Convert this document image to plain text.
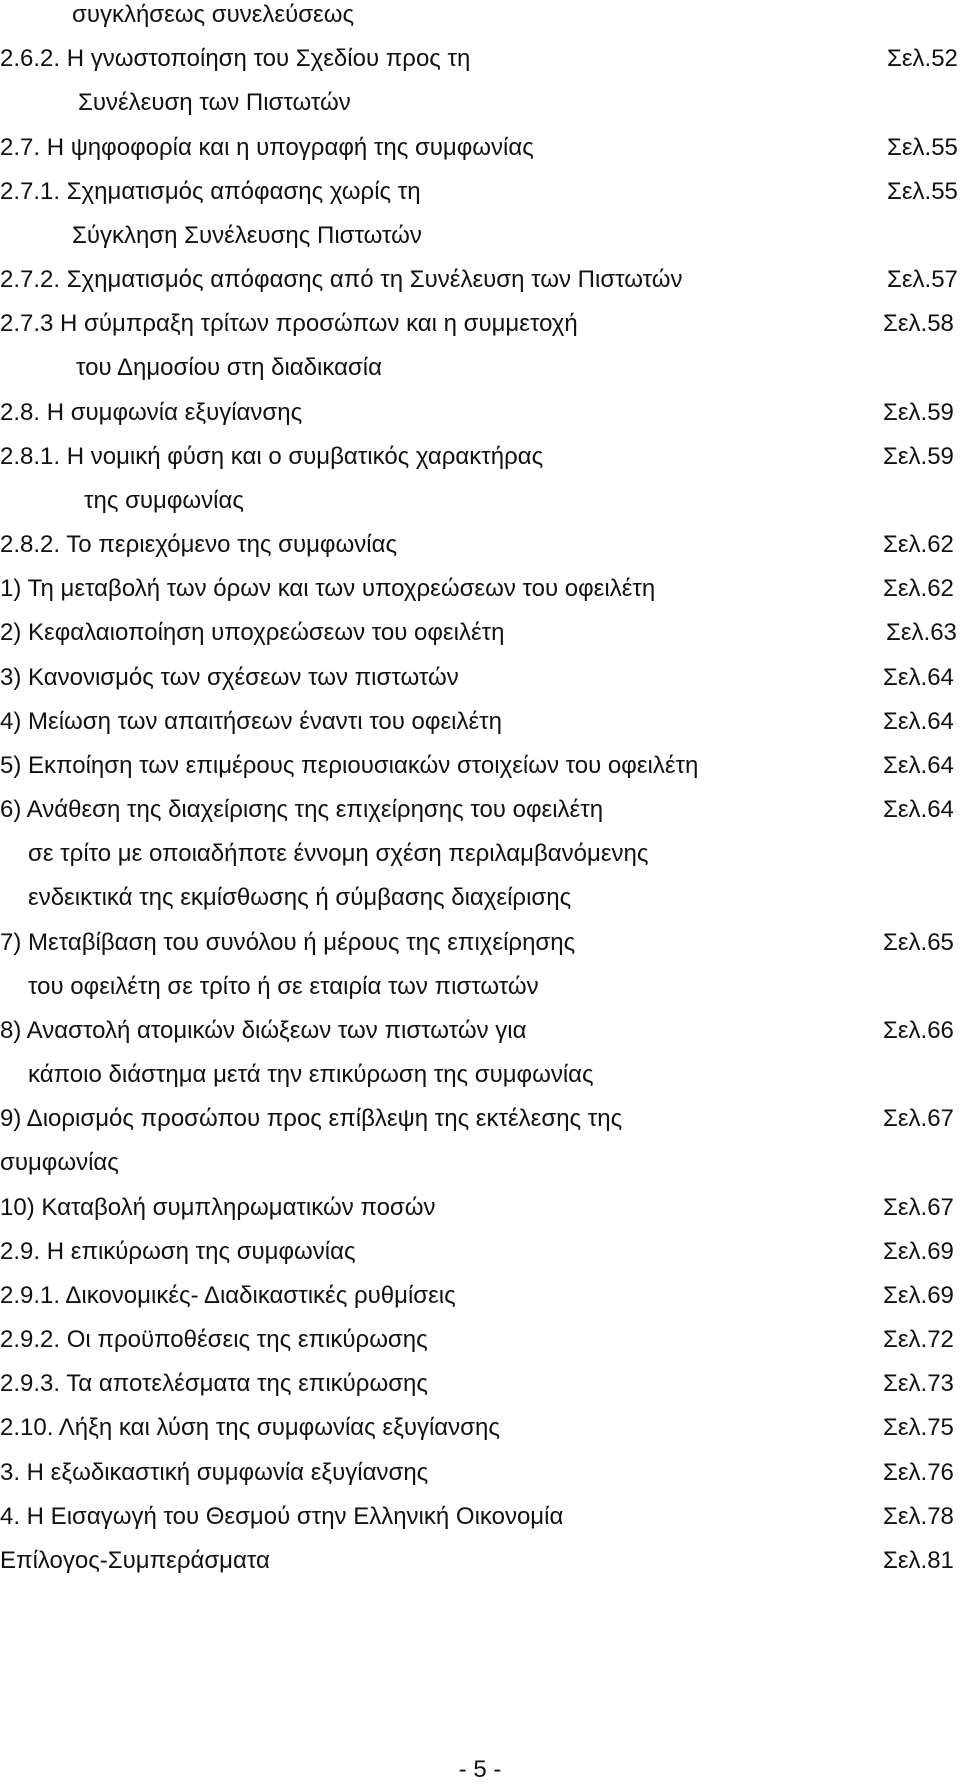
συγκλήσεως συνελεύσεως
2.6.2. Η γνωστοποίηση του Σχεδίου προς τη	Σελ.52
Συνέλευση των Πιστωτών
2.7. Η ψηφοφορία και η υπογραφή της συμφωνίας	Σελ.55
2.7.1. Σχηματισμός απόφασης χωρίς τη	Σελ.55
Σύγκληση Συνέλευσης Πιστωτών
2.7.2. Σχηματισμός απόφασης από τη Συνέλευση των Πιστωτών	Σελ.57
2.7.3 Η σύμπραξη τρίτων προσώπων και η συμμετοχή	Σελ.58
του Δημοσίου στη διαδικασία
2.8. Η συμφωνία εξυγίανσης	Σελ.59
2.8.1. Η νομική φύση και ο συμβατικός χαρακτήρας	Σελ.59
της συμφωνίας
2.8.2. Το περιεχόμενο της συμφωνίας	Σελ.62
1) Τη μεταβολή των όρων και των υποχρεώσεων του οφειλέτη	Σελ.62
2) Κεφαλαιοποίηση υποχρεώσεων του οφειλέτη	Σελ.63
3) Κανονισμός των σχέσεων των πιστωτών	Σελ.64
4) Μείωση των απαιτήσεων έναντι του οφειλέτη	Σελ.64
5) Εκποίηση των επιμέρους περιουσιακών στοιχείων του οφειλέτη	Σελ.64
6) Ανάθεση της διαχείρισης της επιχείρησης του οφειλέτη	Σελ.64
σε τρίτο με οποιαδήποτε έννομη σχέση περιλαμβανόμενης
ενδεικτικά της εκμίσθωσης ή σύμβασης διαχείρισης
7) Μεταβίβαση του συνόλου ή μέρους της επιχείρησης	Σελ.65
του οφειλέτη σε τρίτο ή σε εταιρία των πιστωτών
8) Αναστολή ατομικών διώξεων των πιστωτών για	Σελ.66
κάποιο διάστημα μετά την επικύρωση της συμφωνίας
9) Διορισμός προσώπου προς επίβλεψη της εκτέλεσης της	Σελ.67
συμφωνίας
10) Καταβολή συμπληρωματικών ποσών	Σελ.67
2.9. Η επικύρωση της συμφωνίας	Σελ.69
2.9.1. Δικονομικές- Διαδικαστικές ρυθμίσεις	Σελ.69
2.9.2. Οι προϋποθέσεις της επικύρωσης	Σελ.72
2.9.3. Τα αποτελέσματα της επικύρωσης	Σελ.73
2.10. Λήξη και λύση της συμφωνίας εξυγίανσης	Σελ.75
3. Η εξωδικαστική συμφωνία εξυγίανσης	Σελ.76
4. Η Εισαγωγή του Θεσμού στην Ελληνική Οικονομία	Σελ.78
Επίλογος-Συμπεράσματα	Σελ.81
- 5 -
